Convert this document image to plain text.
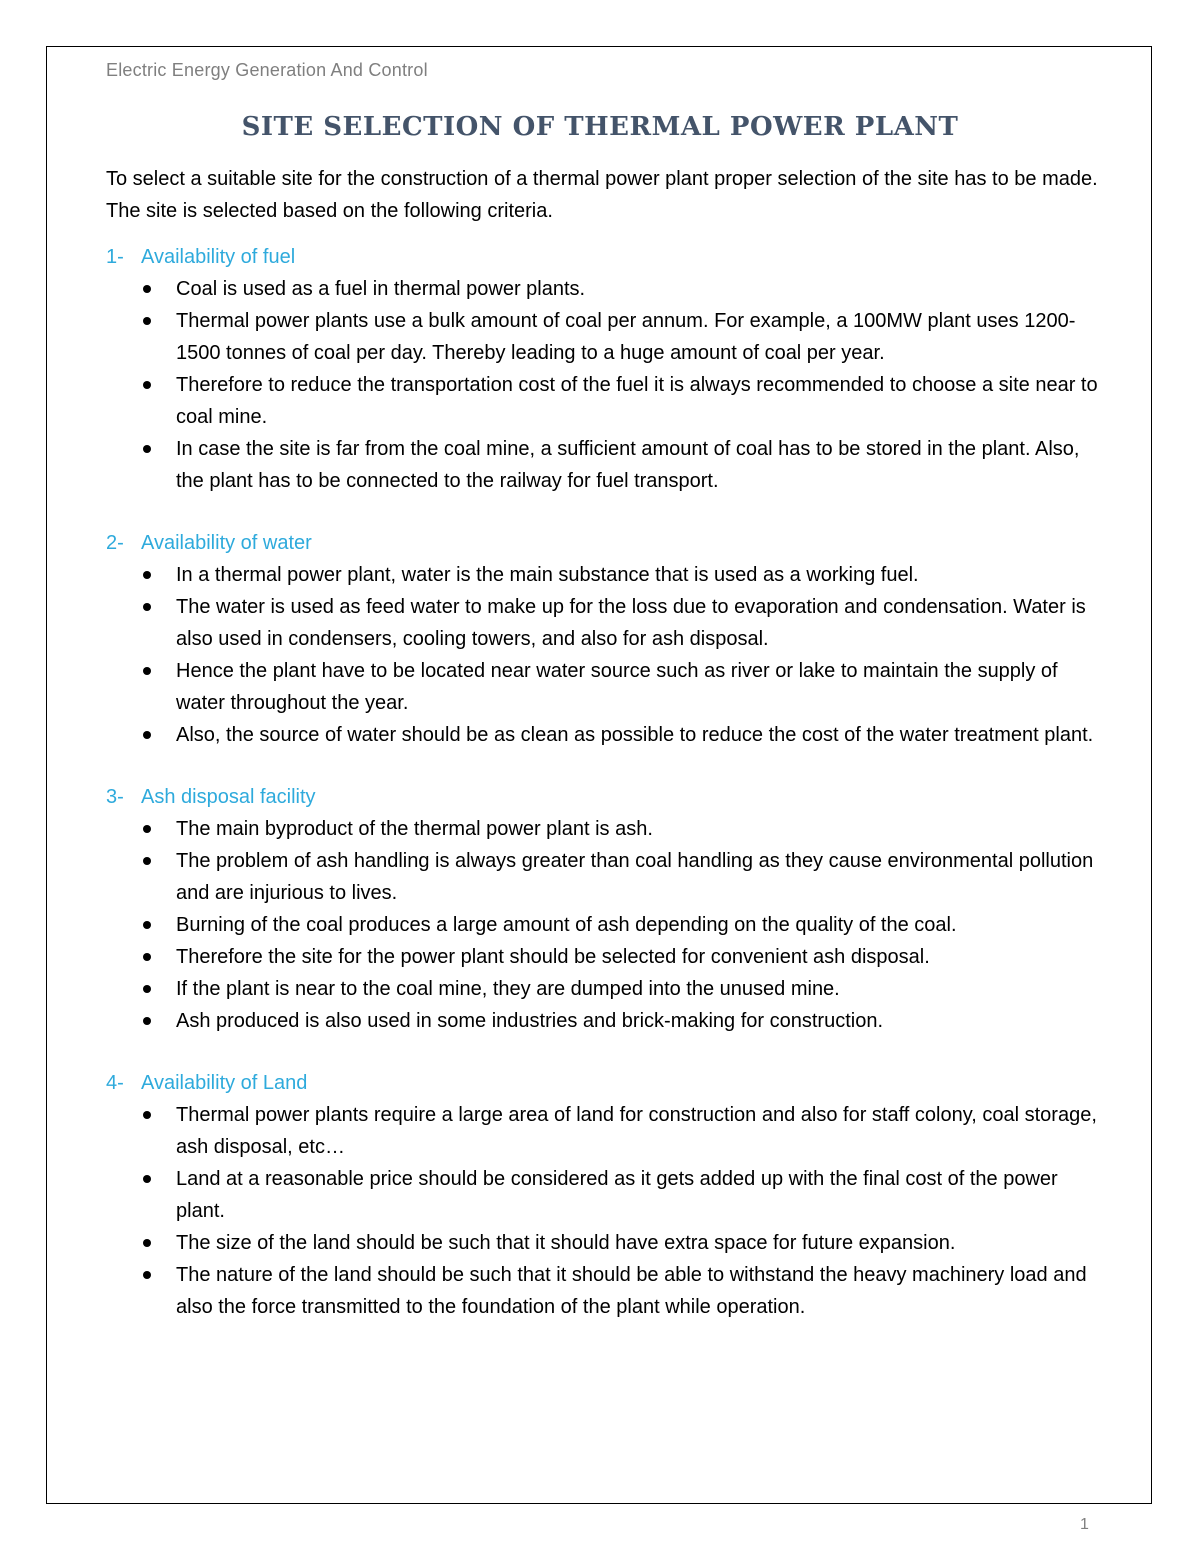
Electric Energy Generation And Control
SITE SELECTION OF THERMAL POWER PLANT

To select a suitable site for the construction of a thermal power plant proper selection of the site has to be made. The site is selected based on the following criteria.

1- Availability of fuel
Coal is used as a fuel in thermal power plants.
Thermal power plants use a bulk amount of coal per annum. For example, a 100MW plant uses 1200-1500 tonnes of coal per day. Thereby leading to a huge amount of coal per year.
Therefore to reduce the transportation cost of the fuel it is always recommended to choose a site near to coal mine.
In case the site is far from the coal mine, a sufficient amount of coal has to be stored in the plant. Also, the plant has to be connected to the railway for fuel transport.
2- Availability of water
In a thermal power plant, water is the main substance that is used as a working fuel.
The water is used as feed water to make up for the loss due to evaporation and condensation. Water is also used in condensers, cooling towers, and also for ash disposal.
Hence the plant have to be located near water source such as river or lake to maintain the supply of water throughout the year.
Also, the source of water should be as clean as possible to reduce the cost of the water treatment plant.
3- Ash disposal facility
The main byproduct of the thermal power plant is ash.
The problem of ash handling is always greater than coal handling as they cause environmental pollution and are injurious to lives.
Burning of the coal produces a large amount of ash depending on the quality of the coal.
Therefore the site for the power plant should be selected for convenient ash disposal.
If the plant is near to the coal mine, they are dumped into the unused mine.
Ash produced is also used in some industries and brick-making for construction.
4- Availability of Land
Thermal power plants require a large area of land for construction and also for staff colony, coal storage, ash disposal, etc…
Land at a reasonable price should be considered as it gets added up with the final cost of the power plant.
The size of the land should be such that it should have extra space for future expansion.
The nature of the land should be such that it should be able to withstand the heavy machinery load and also the force transmitted to the foundation of the plant while operation.
1
